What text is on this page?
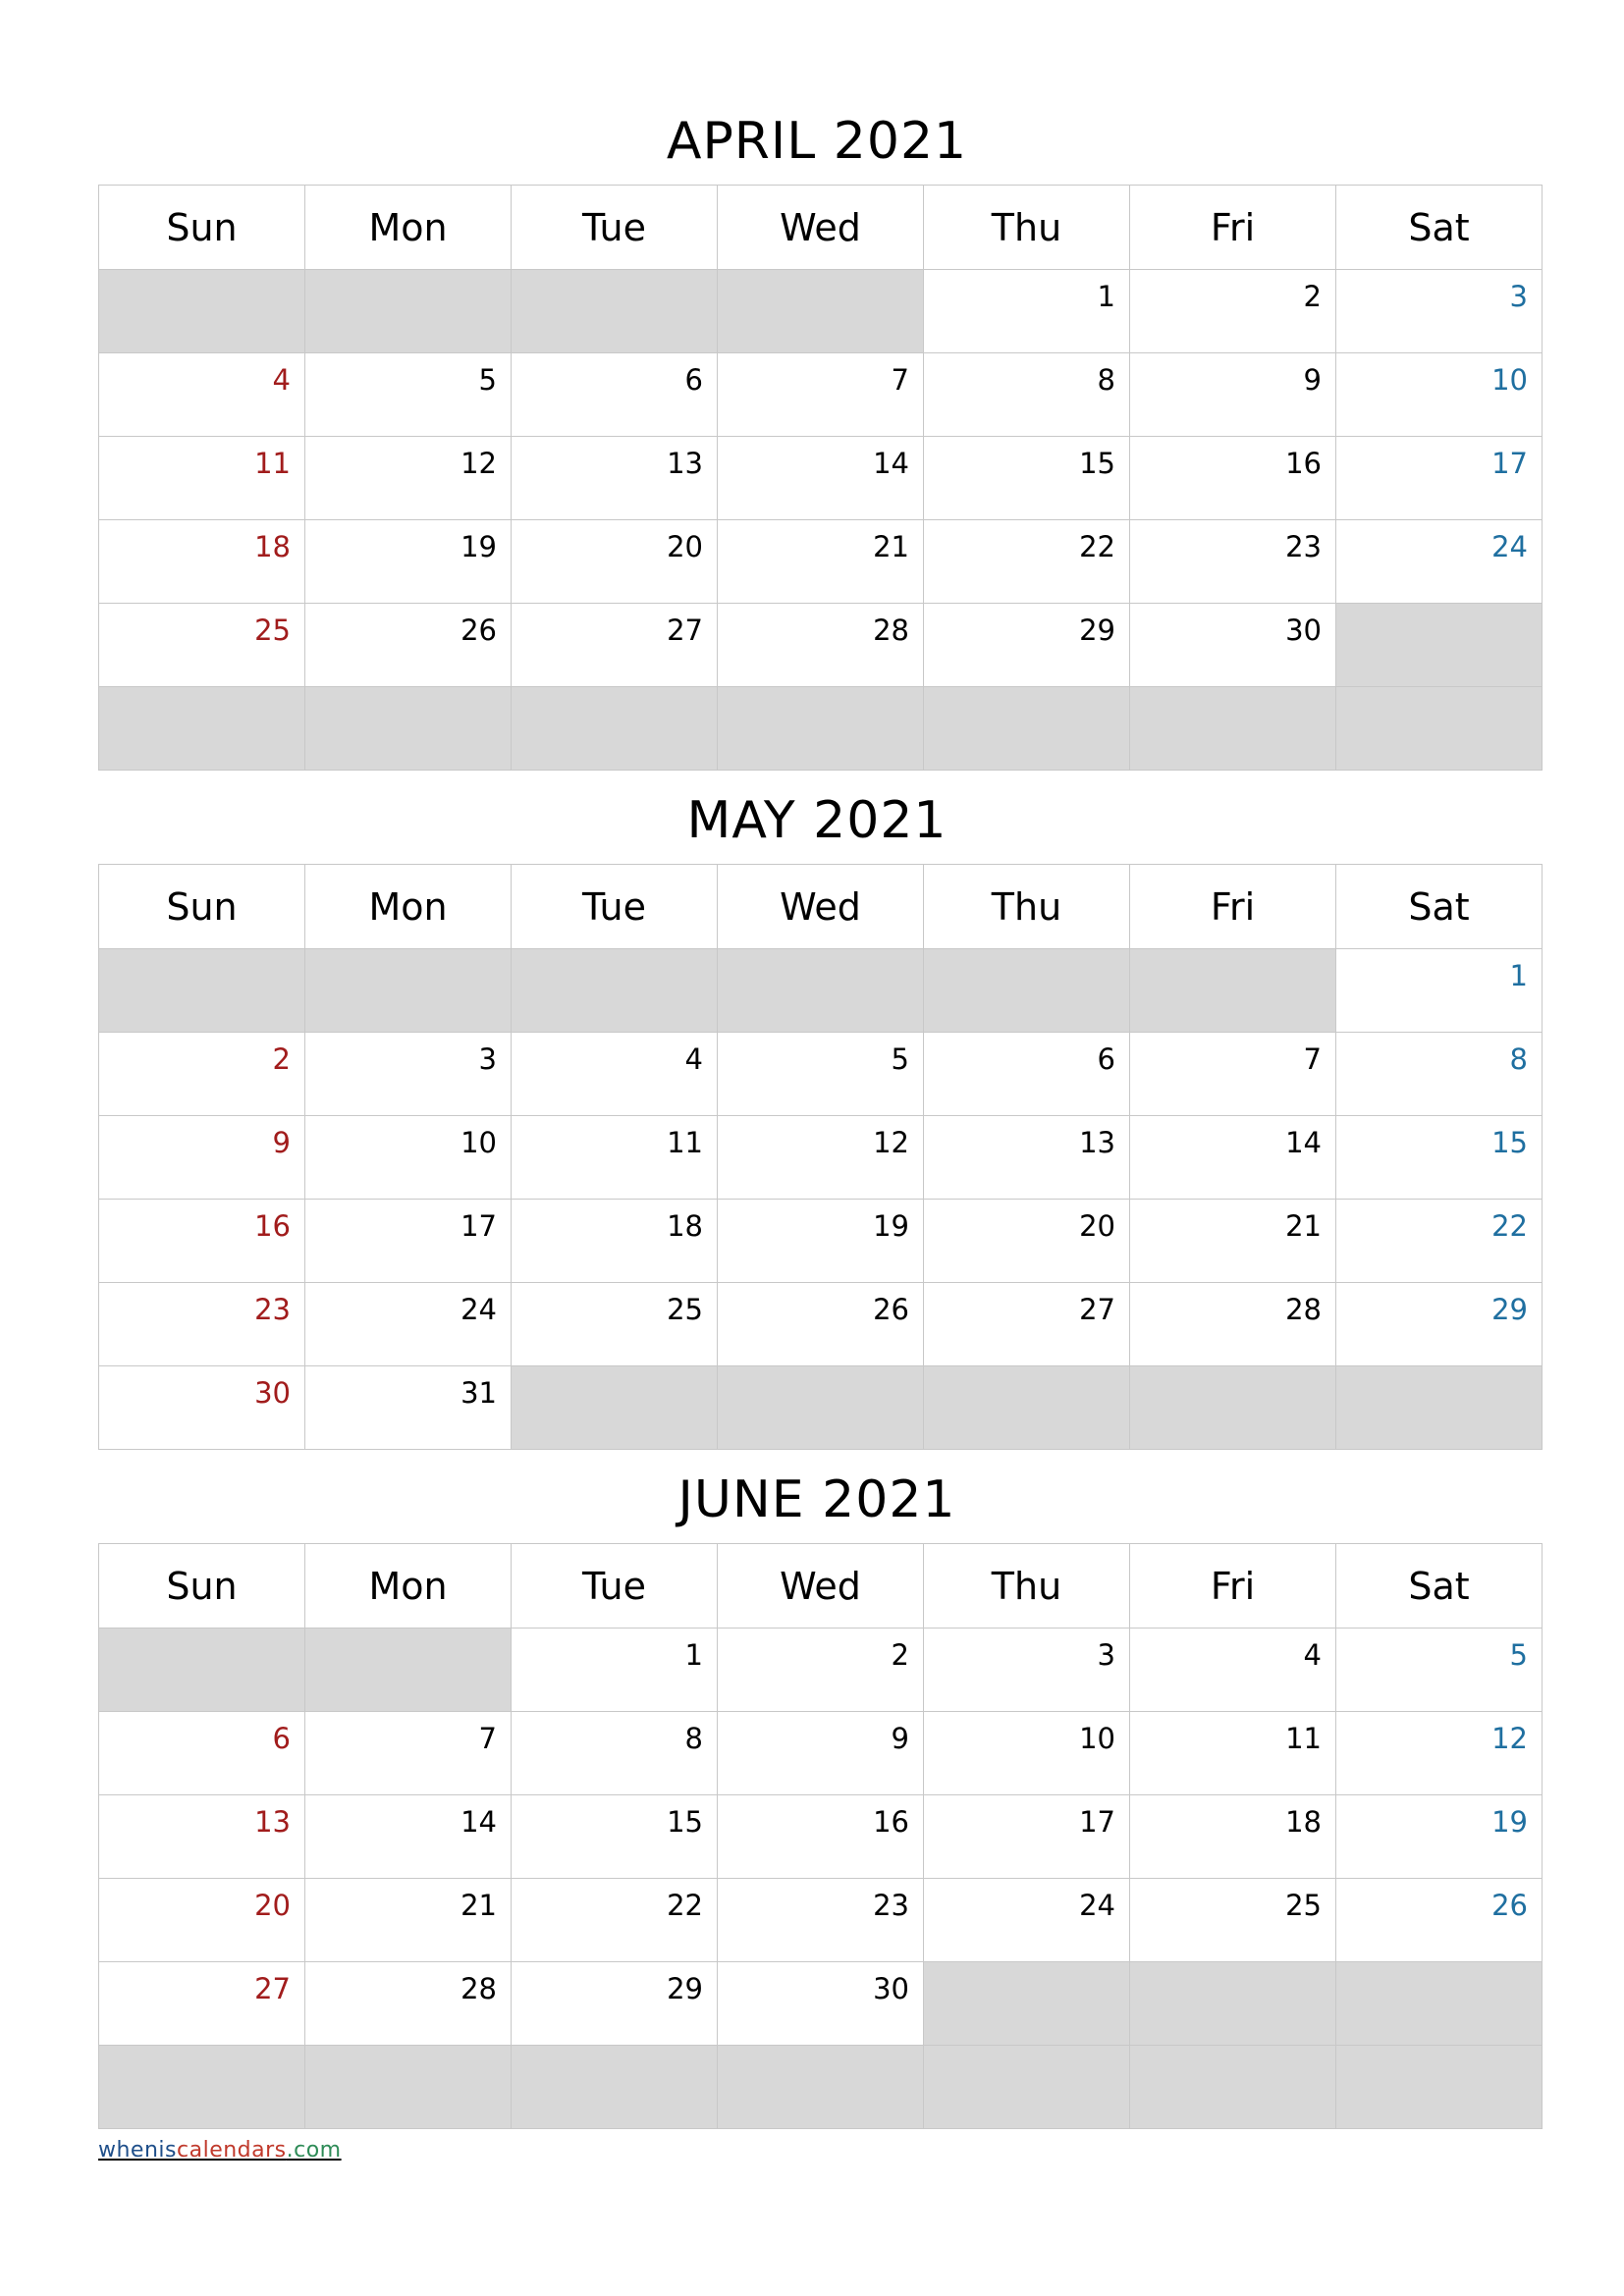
APRIL 2021
Sun	Mon	Tue	Wed	Thu	Fri	Sat
				1	2	3
4	5	6	7	8	9	10
11	12	13	14	15	16	17
18	19	20	21	22	23	24
25	26	27	28	29	30	

MAY 2021
Sun	Mon	Tue	Wed	Thu	Fri	Sat
						1
2	3	4	5	6	7	8
9	10	11	12	13	14	15
16	17	18	19	20	21	22
23	24	25	26	27	28	29
30	31					
JUNE 2021
Sun	Mon	Tue	Wed	Thu	Fri	Sat
		1	2	3	4	5
6	7	8	9	10	11	12
13	14	15	16	17	18	19
20	21	22	23	24	25	26
27	28	29	30			

wheniscalendars.com
